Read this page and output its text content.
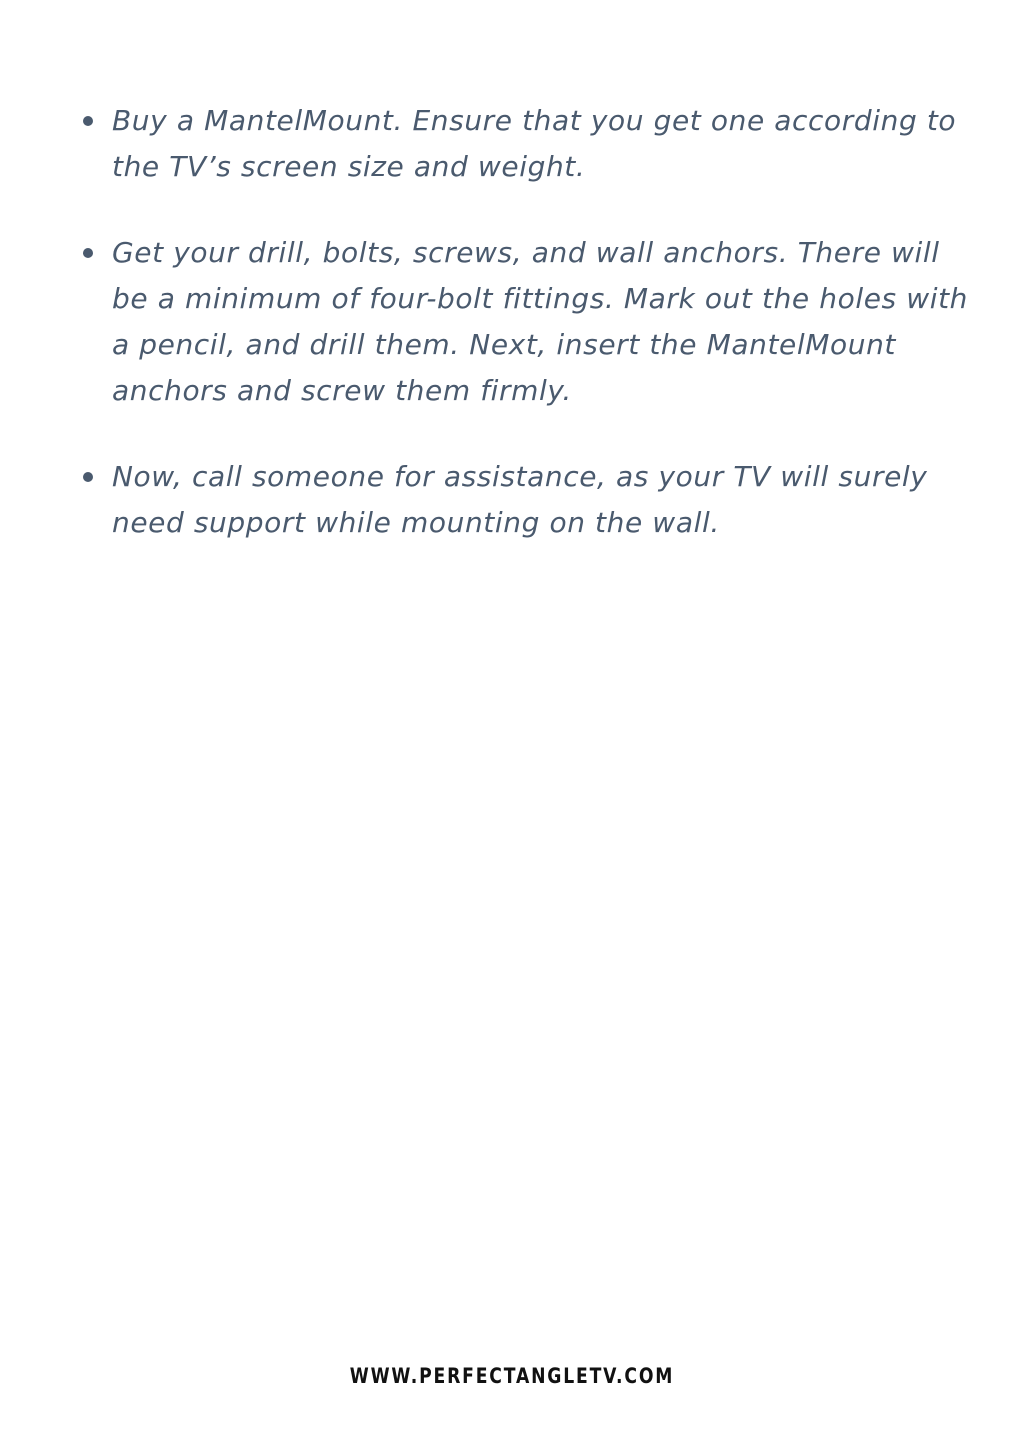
Buy a MantelMount. Ensure that you get one according to the TV’s screen size and weight.
Get your drill, bolts, screws, and wall anchors. There will be a minimum of four-bolt fittings. Mark out the holes with a pencil, and drill them. Next, insert the MantelMount anchors and screw them firmly.
Now, call someone for assistance, as your TV will surely need support while mounting on the wall.
WWW.PERFECTANGLETV.COM
